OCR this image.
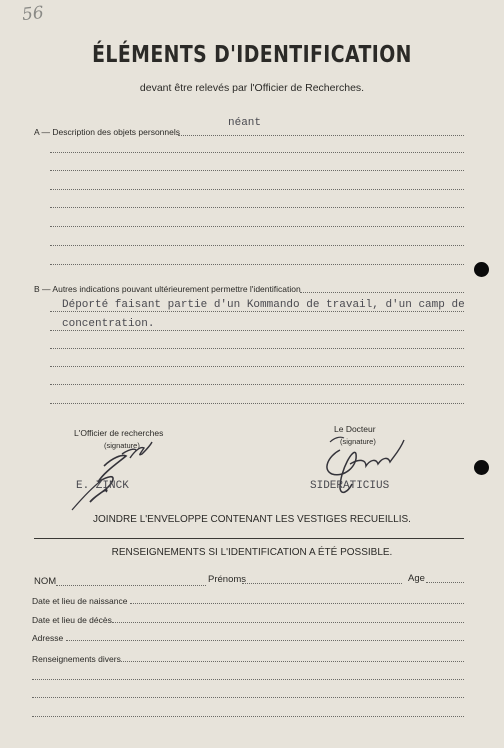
56
ÉLÉMENTS D'IDENTIFICATION
devant être relevés par l'Officier de Recherches.
A — Description des objets personnels
néant
B — Autres indications pouvant ultérieurement permettre l'identification
Déporté faisant partie d'un Kommando de travail, d'un camp de
concentration.
L'Officier de recherches
(signature)
E. ZINCK
Le Docteur
(signature)
SIDERATICIUS
JOINDRE L'ENVELOPPE CONTENANT LES VESTIGES RECUEILLIS.
RENSEIGNEMENTS SI L'IDENTIFICATION A ÉTÉ POSSIBLE.
NOM	Prénoms	Age
Date et lieu de naissance
Date et lieu de décès
Adresse
Renseignements divers
